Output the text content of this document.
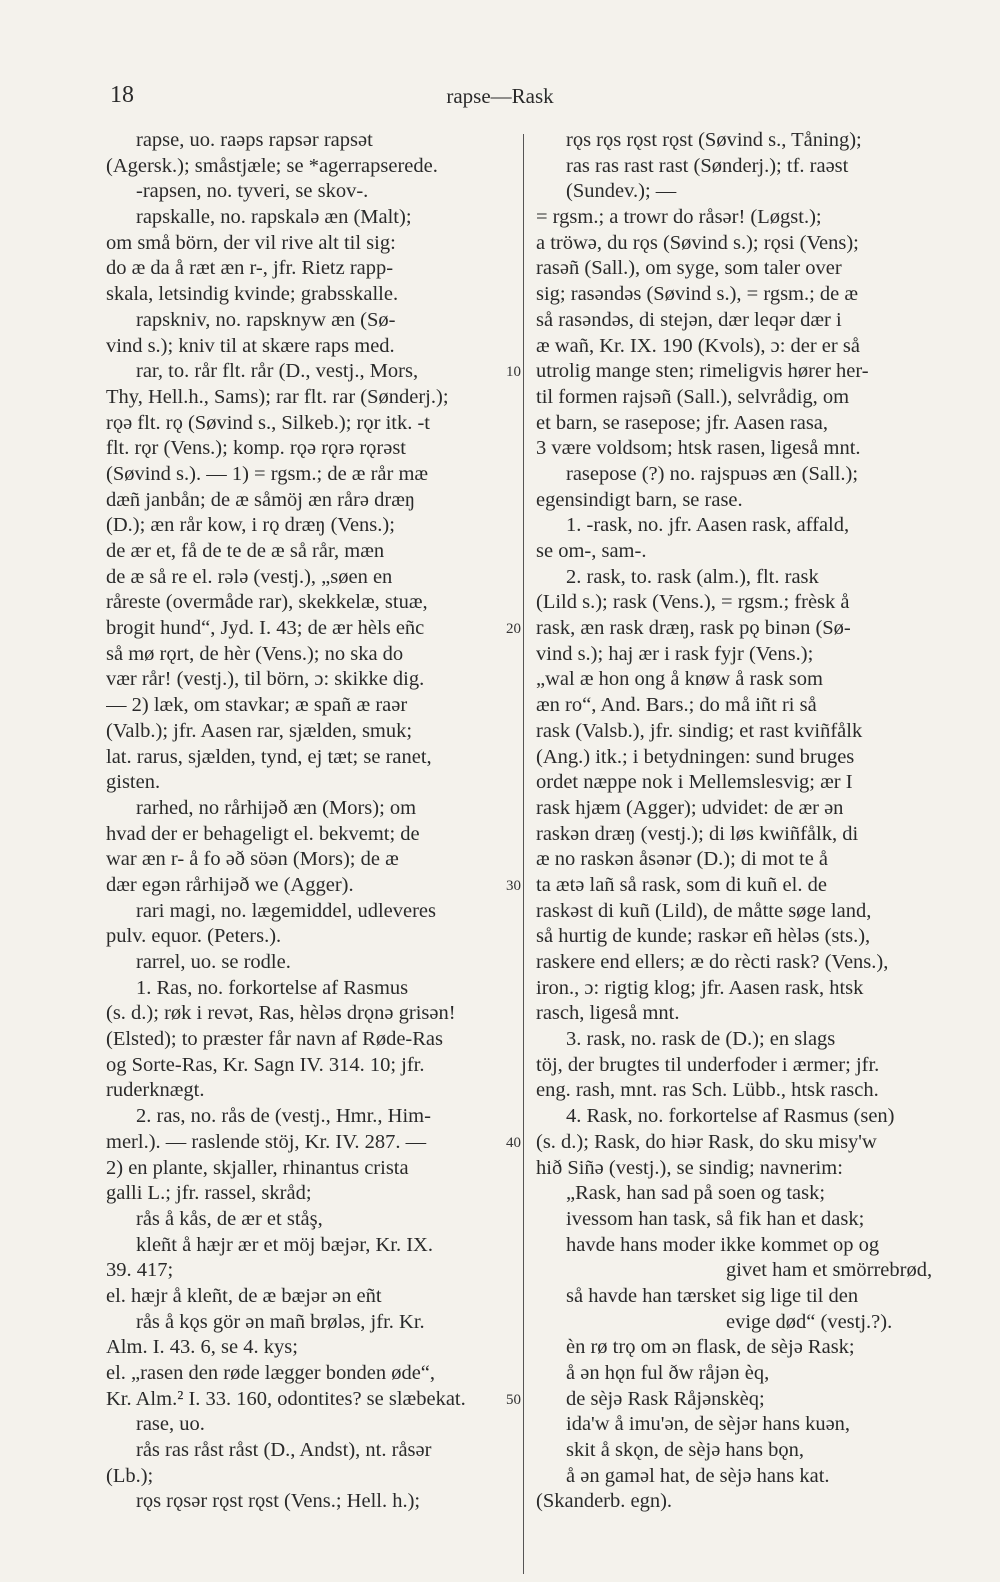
18	rapse—Rask
rapse, uo. raəps rapsər rapsət
(Agersk.); småstjæle; se *agerrapserede.
-rapsen, no. tyveri, se skov-.
rapskalle, no. rapskalə æn (Malt);
om små börn, der vil rive alt til sig:
do æ da å ræt æn r-, jfr. Rietz rapp-
skala, letsindig kvinde; grabsskalle.
rapskniv, no. rapsknyw æn (Sø-
vind s.); kniv til at skære raps med.
rar, to. rår flt. rår (D., vestj., Mors,
Thy, Hell.h., Sams); rar flt. rar (Sønderj.);
rǫə flt. rǫ (Søvind s., Silkeb.); rǫr itk. -t
flt. rǫr (Vens.); komp. rǫə rǫrə rǫrəst
(Søvind s.). — 1) = rgsm.; de æ rår mæ
dæñ janbån; de æ såmöj æn rårə dræŋ
(D.); æn rår kow, i rǫ dræŋ (Vens.);
de ær et, få de te de æ så rår, mæn
de æ så re el. rələ (vestj.), „søen en
råreste (overmåde rar), skekkelæ, stuæ,
brogit hund“, Jyd. I. 43; de ær hèls eñc
så mø rǫrt, de hèr (Vens.); no ska do
vær rår! (vestj.), til börn, ɔ: skikke dig.
— 2) læk, om stavkar; æ spañ æ raər
(Valb.); jfr. Aasen rar, sjælden, smuk;
lat. rarus, sjælden, tynd, ej tæt; se ranet,
gisten.
rarhed, no rårhijəð æn (Mors); om
hvad der er behageligt el. bekvemt; de
war æn r- å fo əð söən (Mors); de æ
dær egən rårhijəð we (Agger).
rari magi, no. lægemiddel, udleveres
pulv. equor. (Peters.).
rarrel, uo. se rodle.
1. Ras, no. forkortelse af Rasmus
(s. d.); røk i revət, Ras, hèləs drǫnə grisən!
(Elsted); to præster får navn af Røde-Ras
og Sorte-Ras, Kr. Sagn IV. 314. 10; jfr.
ruderknægt.
2. ras, no. rås de (vestj., Hmr., Him-
merl.). — raslende stöj, Kr. IV. 287. —
2) en plante, skjaller, rhinantus crista
galli L.; jfr. rassel, skråd;
rås å kås, de ær et ståş,
kleñt å hæjr ær et möj bæjər, Kr. IX.
39. 417;
el. hæjr å kleñt, de æ bæjər ən eñt
rås å kǫs gör ən mañ brøləs, jfr. Kr.
Alm. I. 43. 6, se 4. kys;
el. „rasen den røde lægger bonden øde“,
Kr. Alm.² I. 33. 160, odontites? se slæbekat.
rase, uo.
rås ras råst råst (D., Andst), nt. råsər
(Lb.);
rǫs rǫsər rǫst rǫst (Vens.; Hell. h.);
rǫs rǫs rǫst rǫst (Søvind s., Tåning);
ras ras rast rast (Sønderj.); tf. raəst
(Sundev.); —
= rgsm.; a trowr do råsər! (Løgst.);
a tröwə, du rǫs (Søvind s.); rǫsi (Vens);
rasəñ (Sall.), om syge, som taler over
sig; rasəndəs (Søvind s.), = rgsm.; de æ
så rasəndəs, di stejən, dær leqər dær i
æ wañ, Kr. IX. 190 (Kvols), ɔ: der er så
utrolig mange sten; rimeligvis hører her-
til formen rajsəñ (Sall.), selvrådig, om
et barn, se rasepose; jfr. Aasen rasa,
3 være voldsom; htsk rasen, ligeså mnt.
rasepose (?) no. rajspuəs æn (Sall.);
egensindigt barn, se rase.
1. -rask, no. jfr. Aasen rask, affald,
se om-, sam-.
2. rask, to. rask (alm.), flt. rask
(Lild s.); rask (Vens.), = rgsm.; frèsk å
rask, æn rask dræŋ, rask pǫ binən (Sø-
vind s.); haj ær i rask fyjr (Vens.);
„wal æ hon ong å knøw å rask som
æn ro“, And. Bars.; do må iñt ri så
rask (Valsb.), jfr. sindig; et rast kviñfålk
(Ang.) itk.; i betydningen: sund bruges
ordet næppe nok i Mellemslesvig; ær I
rask hjæm (Agger); udvidet: de ær ən
raskən dræŋ (vestj.); di løs kwiñfålk, di
æ no raskən åsənər (D.); di mot te å
ta ætə lañ så rask, som di kuñ el. de
raskəst di kuñ (Lild), de måtte søge land,
så hurtig de kunde; raskər eñ hèləs (sts.),
raskere end ellers; æ do rècti rask? (Vens.),
iron., ɔ: rigtig klog; jfr. Aasen rask, htsk
rasch, ligeså mnt.
3. rask, no. rask de (D.); en slags
töj, der brugtes til underfoder i ærmer; jfr.
eng. rash, mnt. ras Sch. Lübb., htsk rasch.
4. Rask, no. forkortelse af Rasmus (sen)
(s. d.); Rask, do hiər Rask, do sku misy'w
hið Siñə (vestj.), se sindig; navnerim:
„Rask, han sad på soen og task;
ivessom han task, så fik han et dask;
havde hans moder ikke kommet op og
givet ham et smörrebrød,
så havde han tærsket sig lige til den
evige død“ (vestj.?).
èn rø trǫ om ən flask, de sèjə Rask;
å ən hǫn ful ðw råjən èq,
de sèjə Rask Råjənskèq;
ida'w å imu'ən, de sèjər hans kuən,
skit å skǫn, de sèjə hans bǫn,
å ən gaməl hat, de sèjə hans kat.
(Skanderb. egn).
10
20
30
40
50
